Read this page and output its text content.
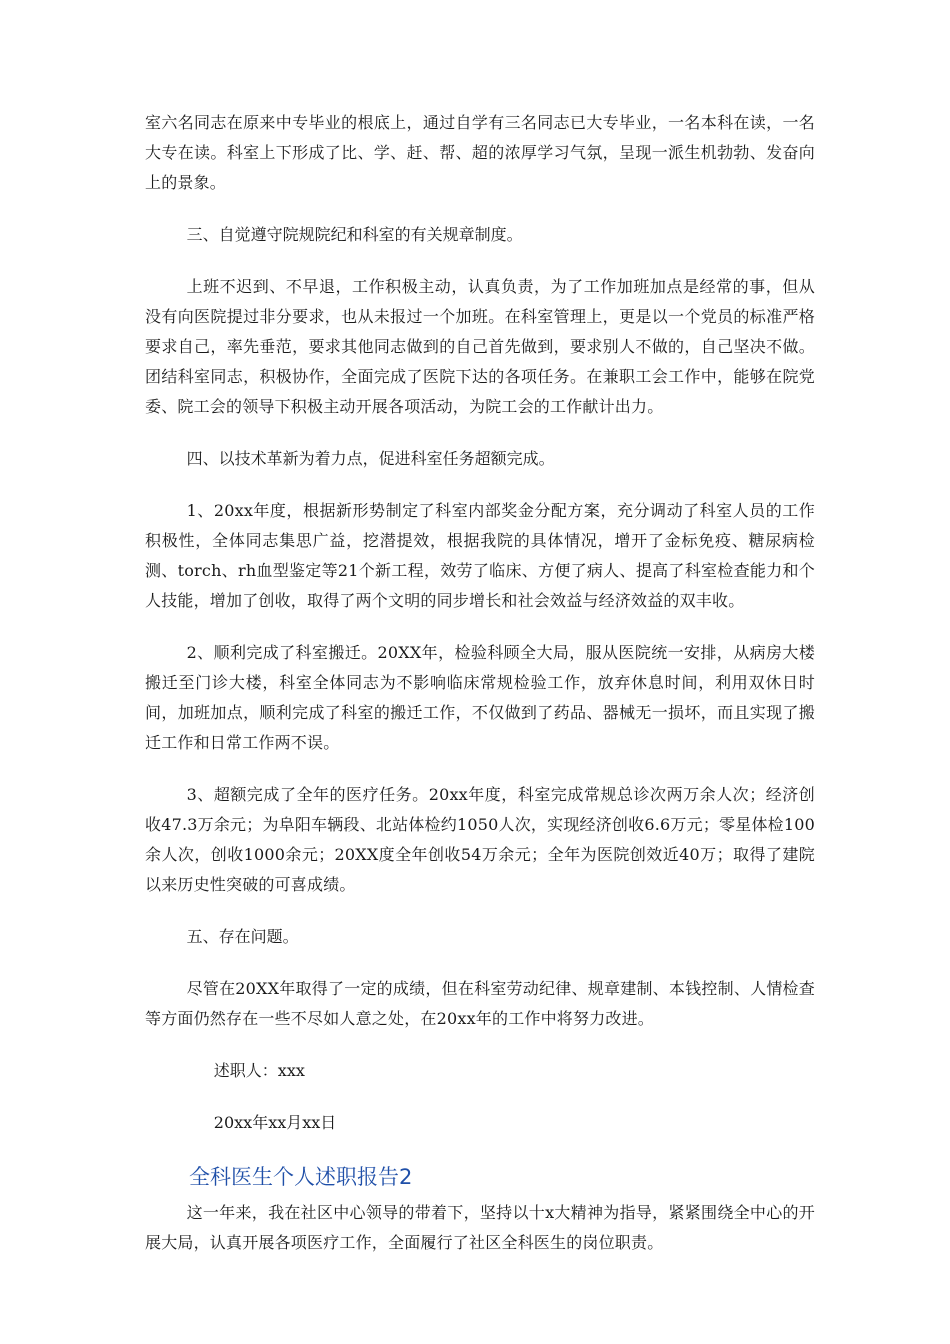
室六名同志在原来中专毕业的根底上，通过自学有三名同志已大专毕业，一名本科在读，一名大专在读。科室上下形成了比、学、赶、帮、超的浓厚学习气氛，呈现一派生机勃勃、发奋向上的景象。

三、自觉遵守院规院纪和科室的有关规章制度。

上班不迟到、不早退，工作积极主动，认真负责，为了工作加班加点是经常的事，但从没有向医院提过非分要求，也从未报过一个加班。在科室管理上，更是以一个党员的标准严格要求自己，率先垂范，要求其他同志做到的自己首先做到，要求别人不做的，自己坚决不做。团结科室同志，积极协作，全面完成了医院下达的各项任务。在兼职工会工作中，能够在院党委、院工会的领导下积极主动开展各项活动，为院工会的工作献计出力。

四、以技术革新为着力点，促进科室任务超额完成。

1、20xx年度，根据新形势制定了科室内部奖金分配方案，充分调动了科室人员的工作积极性，全体同志集思广益，挖潜提效，根据我院的具体情况，增开了金标免疫、糖尿病检测、torch、rh血型鉴定等21个新工程，效劳了临床、方便了病人、提高了科室检查能力和个人技能，增加了创收，取得了两个文明的同步增长和社会效益与经济效益的双丰收。

2、顺利完成了科室搬迁。20XX年，检验科顾全大局，服从医院统一安排，从病房大楼搬迁至门诊大楼，科室全体同志为不影响临床常规检验工作，放弃休息时间，利用双休日时间，加班加点，顺利完成了科室的搬迁工作，不仅做到了药品、器械无一损坏，而且实现了搬迁工作和日常工作两不误。

3、超额完成了全年的医疗任务。20xx年度，科室完成常规总诊次两万余人次；经济创收47.3万余元；为阜阳车辆段、北站体检约1050人次，实现经济创收6.6万元；零星体检100余人次，创收1000余元；20XX度全年创收54万余元；全年为医院创效近40万；取得了建院以来历史性突破的可喜成绩。

五、存在问题。

尽管在20XX年取得了一定的成绩，但在科室劳动纪律、规章建制、本钱控制、人情检查等方面仍然存在一些不尽如人意之处，在20xx年的工作中将努力改进。

述职人：xxx

20xx年xx月xx日

全科医生个人述职报告2

这一年来，我在社区中心领导的带着下，坚持以十x大精神为指导，紧紧围绕全中心的开展大局，认真开展各项医疗工作，全面履行了社区全科医生的岗位职责。
